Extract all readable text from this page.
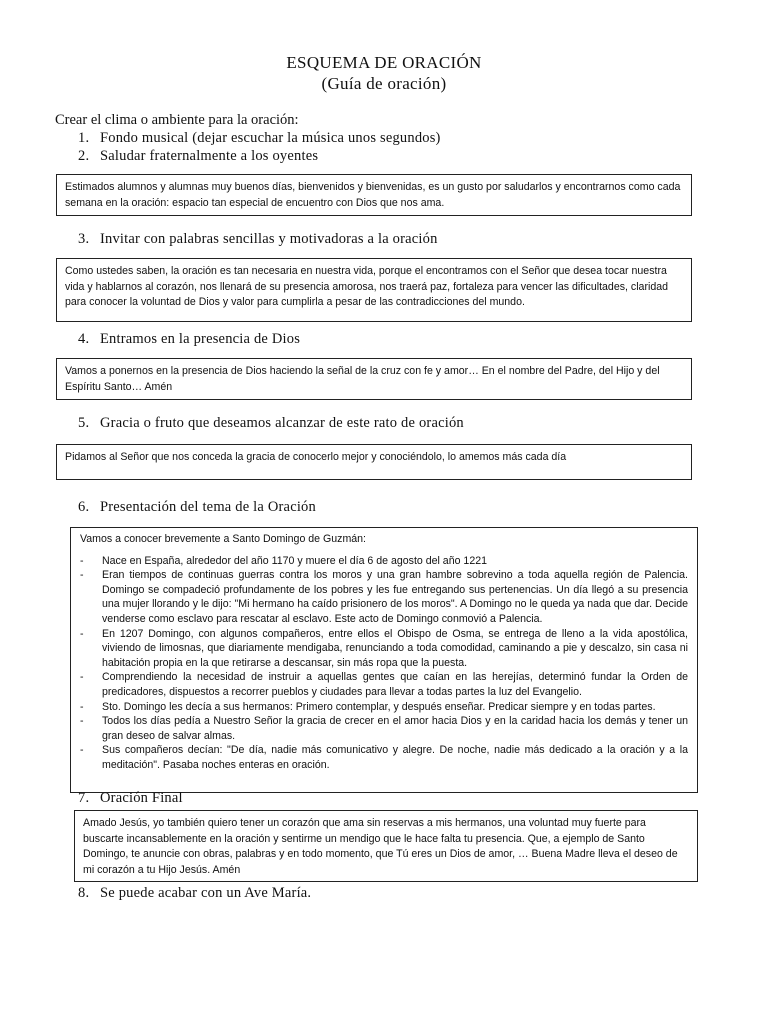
ESQUEMA DE ORACIÓN
(Guía de oración)
Crear el clima o ambiente para la oración:
1. Fondo musical (dejar escuchar la música unos segundos)
2. Saludar fraternalmente a los oyentes

Estimados alumnos y alumnas muy buenos días, bienvenidos y bienvenidas, es un gusto por saludarlos y encontrarnos como cada semana en la oración: espacio tan especial de encuentro con Dios que nos ama.

3. Invitar con palabras sencillas y motivadoras a la oración

Como ustedes saben, la oración es tan necesaria en nuestra vida, porque el encontramos con el Señor que desea tocar nuestra vida y hablarnos al corazón, nos llenará de su presencia amorosa, nos traerá paz, fortaleza para vencer las dificultades, claridad para conocer la voluntad de Dios y valor para cumplirla a pesar de las contradicciones del mundo.

4. Entramos en la presencia de Dios

Vamos a ponernos en la presencia de Dios haciendo la señal de la cruz con fe y amor… En el nombre del Padre, del Hijo y del Espíritu Santo… Amén

5. Gracia o fruto que deseamos alcanzar de este rato de oración

Pidamos al Señor que nos conceda la gracia de conocerlo mejor y conociéndolo, lo amemos más cada día

6. Presentación del tema de la Oración

Vamos a conocer brevemente a Santo Domingo de Guzmán:

- Nace en España, alrededor del año 1170 y muere el día 6 de agosto del año 1221
- Eran tiempos de continuas guerras contra los moros y una gran hambre sobrevino a toda aquella región de Palencia. Domingo se compadeció profundamente de los pobres y les fue entregando sus pertenencias. Un día llegó a su presencia una mujer llorando y le dijo: "Mi hermano ha caído prisionero de los moros". A Domingo no le queda ya nada que dar. Decide venderse como esclavo para rescatar al esclavo. Este acto de Domingo conmovió a Palencia.
- En 1207 Domingo, con algunos compañeros, entre ellos el Obispo de Osma, se entrega de lleno a la vida apostólica, viviendo de limosnas, que diariamente mendigaba, renunciando a toda comodidad, caminando a pie y descalzo, sin casa ni habitación propia en la que retirarse a descansar, sin más ropa que la puesta.
- Comprendiendo la necesidad de instruir a aquellas gentes que caían en las herejías, determinó fundar la Orden de predicadores, dispuestos a recorrer pueblos y ciudades para llevar a todas partes la luz del Evangelio.
- Sto. Domingo les decía a sus hermanos: Primero contemplar, y después enseñar. Predicar siempre y en todas partes.
- Todos los días pedía a Nuestro Señor la gracia de crecer en el amor hacia Dios y en la caridad hacia los demás y tener un gran deseo de salvar almas.
- Sus compañeros decían: "De día, nadie más comunicativo y alegre. De noche, nadie más dedicado a la oración y a la meditación". Pasaba noches enteras en oración.
7. Oración Final

Amado Jesús, yo también quiero tener un corazón que ama sin reservas a mis hermanos, una voluntad muy fuerte para buscarte incansablemente en la oración y sentirme un mendigo que le hace falta tu presencia. Que, a ejemplo de Santo Domingo, te anuncie con obras, palabras y en todo momento, que Tú eres un Dios de amor, … Buena Madre lleva el deseo de mi corazón a tu Hijo Jesús. Amén

8. Se puede acabar con un Ave María.
